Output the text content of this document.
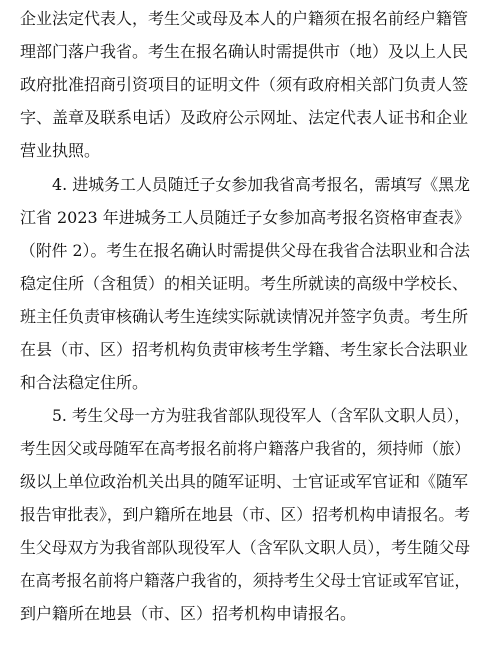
企业法定代表人，考生父或母及本人的户籍须在报名前经户籍管
理部门落户我省。考生在报名确认时需提供市（地）及以上人民
政府批准招商引资项目的证明文件（须有政府相关部门负责人签
字、盖章及联系电话）及政府公示网址、法定代表人证书和企业
营业执照。
4. 进城务工人员随迁子女参加我省高考报名，需填写《黑龙
江省 2023 年进城务工人员随迁子女参加高考报名资格审查表》
（附件 2）。考生在报名确认时需提供父母在我省合法职业和合法
稳定住所（含租赁）的相关证明。考生所就读的高级中学校长、
班主任负责审核确认考生连续实际就读情况并签字负责。考生所
在县（市、区）招考机构负责审核考生学籍、考生家长合法职业
和合法稳定住所。
5. 考生父母一方为驻我省部队现役军人（含军队文职人员），
考生因父或母随军在高考报名前将户籍落户我省的，须持师（旅）
级以上单位政治机关出具的随军证明、士官证或军官证和《随军
报告审批表》，到户籍所在地县（市、区）招考机构申请报名。考
生父母双方为我省部队现役军人（含军队文职人员），考生随父母
在高考报名前将户籍落户我省的，须持考生父母士官证或军官证，
到户籍所在地县（市、区）招考机构申请报名。
